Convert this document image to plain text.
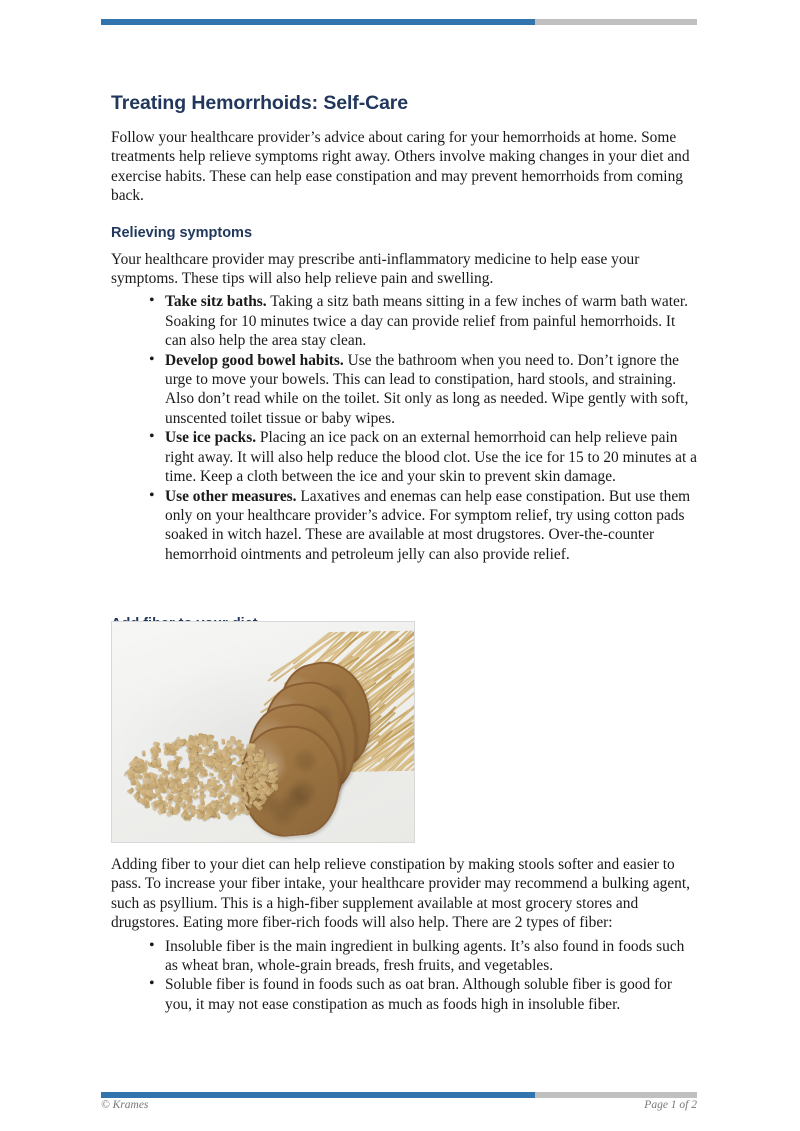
Treating Hemorrhoids: Self-Care

Follow your healthcare provider’s advice about caring for your hemorrhoids at home. Some treatments help relieve symptoms right away. Others involve making changes in your diet and exercise habits. These can help ease constipation and may prevent hemorrhoids from coming back.

Relieving symptoms

Your healthcare provider may prescribe anti-inflammatory medicine to help ease your symptoms. These tips will also help relieve pain and swelling.

• Take sitz baths. Taking a sitz bath means sitting in a few inches of warm bath water. Soaking for 10 minutes twice a day can provide relief from painful hemorrhoids. It can also help the area stay clean.
• Develop good bowel habits. Use the bathroom when you need to. Don’t ignore the urge to move your bowels. This can lead to constipation, hard stools, and straining. Also don’t read while on the toilet. Sit only as long as needed. Wipe gently with soft, unscented toilet tissue or baby wipes.
• Use ice packs. Placing an ice pack on an external hemorrhoid can help relieve pain right away. It will also help reduce the blood clot. Use the ice for 15 to 20 minutes at a time. Keep a cloth between the ice and your skin to prevent skin damage.
• Use other measures. Laxatives and enemas can help ease constipation. But use them only on your healthcare provider’s advice. For symptom relief, try using cotton pads soaked in witch hazel. These are available at most drugstores. Over-the-counter hemorrhoid ointments and petroleum jelly can also provide relief.

Adding fiber to your diet can help relieve constipation by making stools softer and easier to pass. To increase your fiber intake, your healthcare provider may recommend a bulking agent, such as psyllium. This is a high-fiber supplement available at most grocery stores and drugstores. Eating more fiber-rich foods will also help. There are 2 types of fiber:

• Insoluble fiber is the main ingredient in bulking agents. It’s also found in foods such as wheat bran, whole-grain breads, fresh fruits, and vegetables.
• Soluble fiber is found in foods such as oat bran. Although soluble fiber is good for you, it may not ease constipation as much as foods high in insoluble fiber.
© Krames	Page 1 of 2
